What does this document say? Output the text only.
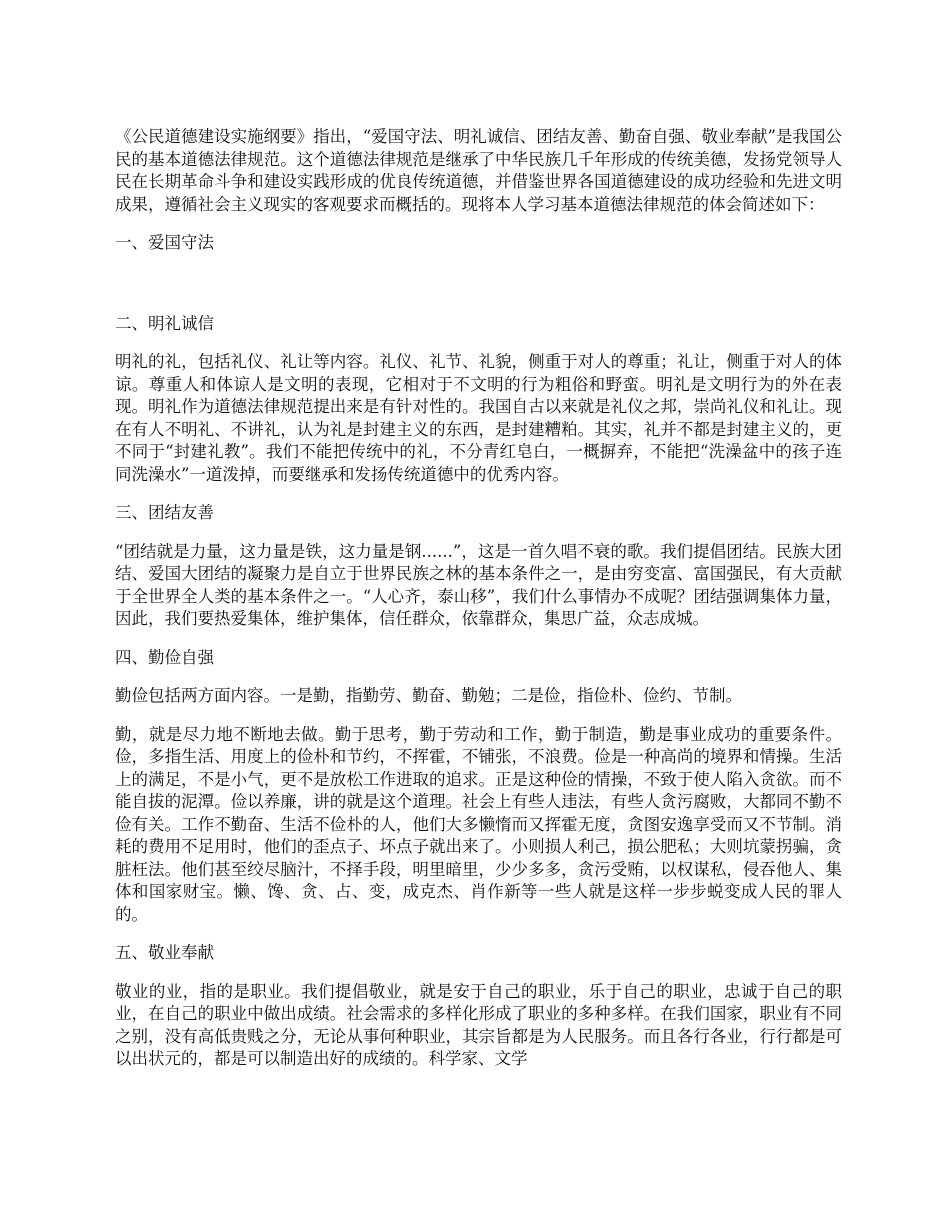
《公民道德建设实施纲要》指出，“爱国守法、明礼诚信、团结友善、勤奋自强、敬业奉献”是我国公民的基本道德法律规范。这个道德法律规范是继承了中华民族几千年形成的传统美德，发扬党领导人民在长期革命斗争和建设实践形成的优良传统道德，并借鉴世界各国道德建设的成功经验和先进文明成果，遵循社会主义现实的客观要求而概括的。现将本人学习基本道德法律规范的体会简述如下：

一、爱国守法

二、明礼诚信

明礼的礼，包括礼仪、礼让等内容。礼仪、礼节、礼貌，侧重于对人的尊重；礼让，侧重于对人的体谅。尊重人和体谅人是文明的表现，它相对于不文明的行为粗俗和野蛮。明礼是文明行为的外在表现。明礼作为道德法律规范提出来是有针对性的。我国自古以来就是礼仪之邦，崇尚礼仪和礼让。现在有人不明礼、不讲礼，认为礼是封建主义的东西，是封建糟粕。其实，礼并不都是封建主义的，更不同于“封建礼教”。我们不能把传统中的礼，不分青红皂白，一概摒弃，不能把“洗澡盆中的孩子连同洗澡水”一道泼掉，而要继承和发扬传统道德中的优秀内容。

三、团结友善

“团结就是力量，这力量是铁，这力量是钢......”，这是一首久唱不衰的歌。我们提倡团结。民族大团结、爱国大团结的凝聚力是自立于世界民族之林的基本条件之一，是由穷变富、富国强民，有大贡献于全世界全人类的基本条件之一。“人心齐，泰山移”，我们什么事情办不成呢？团结强调集体力量，因此，我们要热爱集体，维护集体，信任群众，依靠群众，集思广益，众志成城。

四、勤俭自强

勤俭包括两方面内容。一是勤，指勤劳、勤奋、勤勉；二是俭，指俭朴、俭约、节制。

勤，就是尽力地不断地去做。勤于思考，勤于劳动和工作，勤于制造，勤是事业成功的重要条件。俭，多指生活、用度上的俭朴和节约，不挥霍，不铺张，不浪费。俭是一种高尚的境界和情操。生活上的满足，不是小气，更不是放松工作进取的追求。正是这种俭的情操，不致于使人陷入贪欲。而不能自拔的泥潭。俭以养廉，讲的就是这个道理。社会上有些人违法，有些人贪污腐败，大都同不勤不俭有关。工作不勤奋、生活不俭朴的人，他们大多懒惰而又挥霍无度，贪图安逸享受而又不节制。消耗的费用不足用时，他们的歪点子、坏点子就出来了。小则损人利己，损公肥私；大则坑蒙拐骗，贪脏枉法。他们甚至绞尽脑汁，不择手段，明里暗里，少少多多，贪污受贿，以权谋私，侵吞他人、集体和国家财宝。懒、馋、贪、占、变，成克杰、肖作新等一些人就是这样一步步蜕变成人民的罪人的。

五、敬业奉献

敬业的业，指的是职业。我们提倡敬业，就是安于自己的职业，乐于自己的职业，忠诚于自己的职业，在自己的职业中做出成绩。社会需求的多样化形成了职业的多种多样。在我们国家，职业有不同之别，没有高低贵贱之分，无论从事何种职业，其宗旨都是为人民服务。而且各行各业，行行都是可以出状元的，都是可以制造出好的成绩的。科学家、文学
